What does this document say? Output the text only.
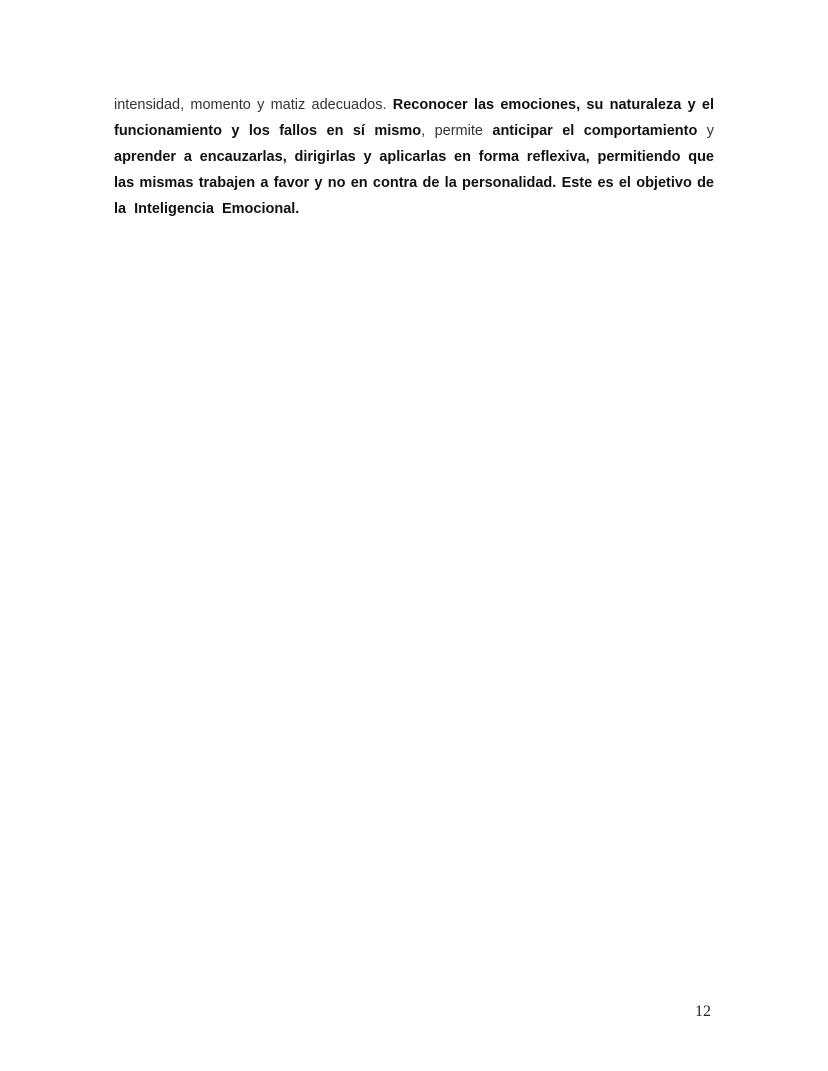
intensidad, momento y matiz adecuados. Reconocer las emociones, su naturaleza y el
funcionamiento y los fallos en sí mismo, permite anticipar el comportamiento y
aprender a encauzarlas, dirigirlas y aplicarlas en forma reflexiva, permitiendo que
las mismas trabajen a favor y no en contra de la personalidad. Este es el objetivo de
la  Inteligencia  Emocional.
12
